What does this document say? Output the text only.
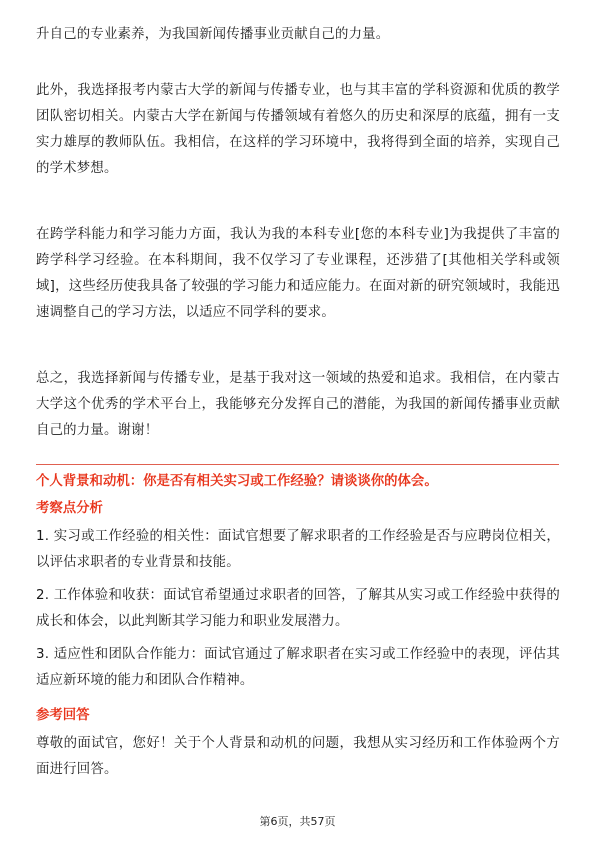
升自己的专业素养，为我国新闻传播事业贡献自己的力量。

此外，我选择报考内蒙古大学的新闻与传播专业，也与其丰富的学科资源和优质的教学团队密切相关。内蒙古大学在新闻与传播领域有着悠久的历史和深厚的底蕴，拥有一支实力雄厚的教师队伍。我相信，在这样的学习环境中，我将得到全面的培养，实现自己的学术梦想。

在跨学科能力和学习能力方面，我认为我的本科专业[您的本科专业]为我提供了丰富的跨学科学习经验。在本科期间，我不仅学习了专业课程，还涉猎了[其他相关学科或领域]，这些经历使我具备了较强的学习能力和适应能力。在面对新的研究领域时，我能迅速调整自己的学习方法，以适应不同学科的要求。

总之，我选择新闻与传播专业，是基于我对这一领域的热爱和追求。我相信，在内蒙古大学这个优秀的学术平台上，我能够充分发挥自己的潜能，为我国的新闻传播事业贡献自己的力量。谢谢！

个人背景和动机：你是否有相关实习或工作经验？请谈谈你的体会。

考察点分析

1. 实习或工作经验的相关性：面试官想要了解求职者的工作经验是否与应聘岗位相关，以评估求职者的专业背景和技能。

2. 工作体验和收获：面试官希望通过求职者的回答，了解其从实习或工作经验中获得的成长和体会，以此判断其学习能力和职业发展潜力。

3. 适应性和团队合作能力：面试官通过了解求职者在实习或工作经验中的表现，评估其适应新环境的能力和团队合作精神。

参考回答

尊敬的面试官，您好！关于个人背景和动机的问题，我想从实习经历和工作体验两个方面进行回答。

第6页，共57页
